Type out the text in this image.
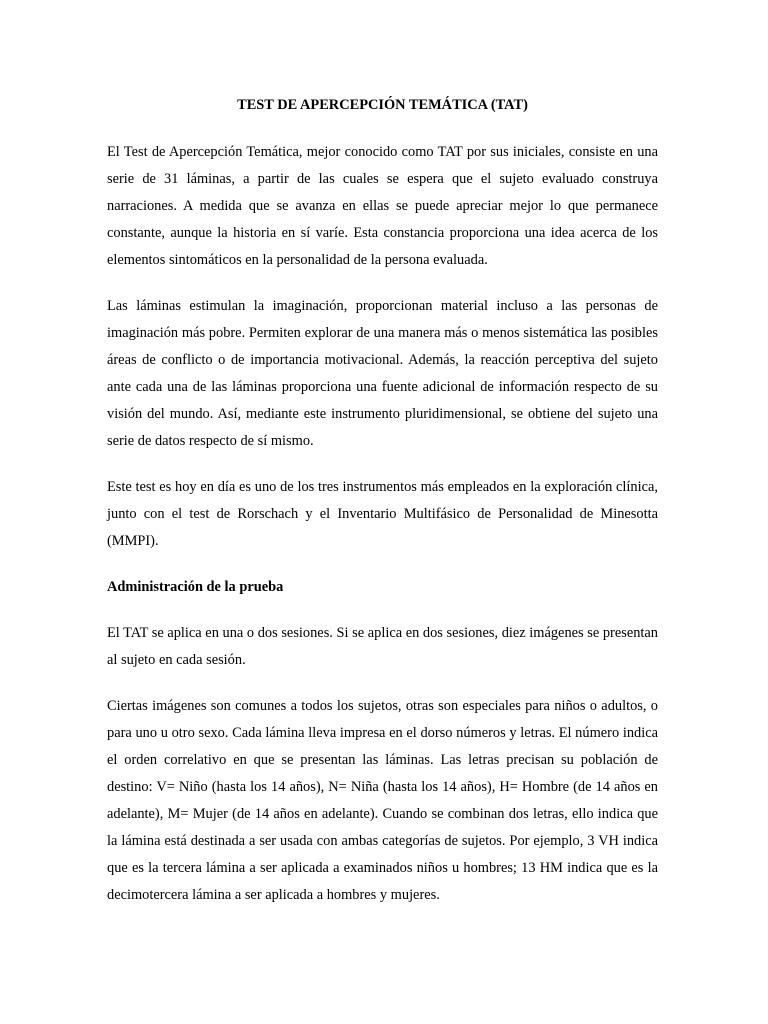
TEST DE APERCEPCIÓN TEMÁTICA (TAT)

El Test de Apercepción Temática, mejor conocido como TAT por sus iniciales, consiste en una serie de 31 láminas, a partir de las cuales se espera que el sujeto evaluado construya narraciones. A medida que se avanza en ellas se puede apreciar mejor lo que permanece constante, aunque la historia en sí varíe. Esta constancia proporciona una idea acerca de los elementos sintomáticos en la personalidad de la persona evaluada.

Las láminas estimulan la imaginación, proporcionan material incluso a las personas de imaginación más pobre. Permiten explorar de una manera más o menos sistemática las posibles áreas de conflicto o de importancia motivacional. Además, la reacción perceptiva del sujeto ante cada una de las láminas proporciona una fuente adicional de información respecto de su visión del mundo. Así, mediante este instrumento pluridimensional, se obtiene del sujeto una serie de datos respecto de sí mismo.

Este test es hoy en día es uno de los tres instrumentos más empleados en la exploración clínica, junto con el test de Rorschach y el Inventario Multifásico de Personalidad de Minesotta (MMPI).

Administración de la prueba

El TAT se aplica en una o dos sesiones. Si se aplica en dos sesiones, diez imágenes se presentan al sujeto en cada sesión.

Ciertas imágenes son comunes a todos los sujetos, otras son especiales para niños o adultos, o para uno u otro sexo. Cada lámina lleva impresa en el dorso números y letras. El número indica el orden correlativo en que se presentan las láminas. Las letras precisan su población de destino: V= Niño (hasta los 14 años), N= Niña (hasta los 14 años), H= Hombre (de 14 años en adelante), M= Mujer (de 14 años en adelante). Cuando se combinan dos letras, ello indica que la lámina está destinada a ser usada con ambas categorías de sujetos. Por ejemplo, 3 VH indica que es la tercera lámina a ser aplicada a examinados niños u hombres; 13 HM indica que es la decimotercera lámina a ser aplicada a hombres y mujeres.
